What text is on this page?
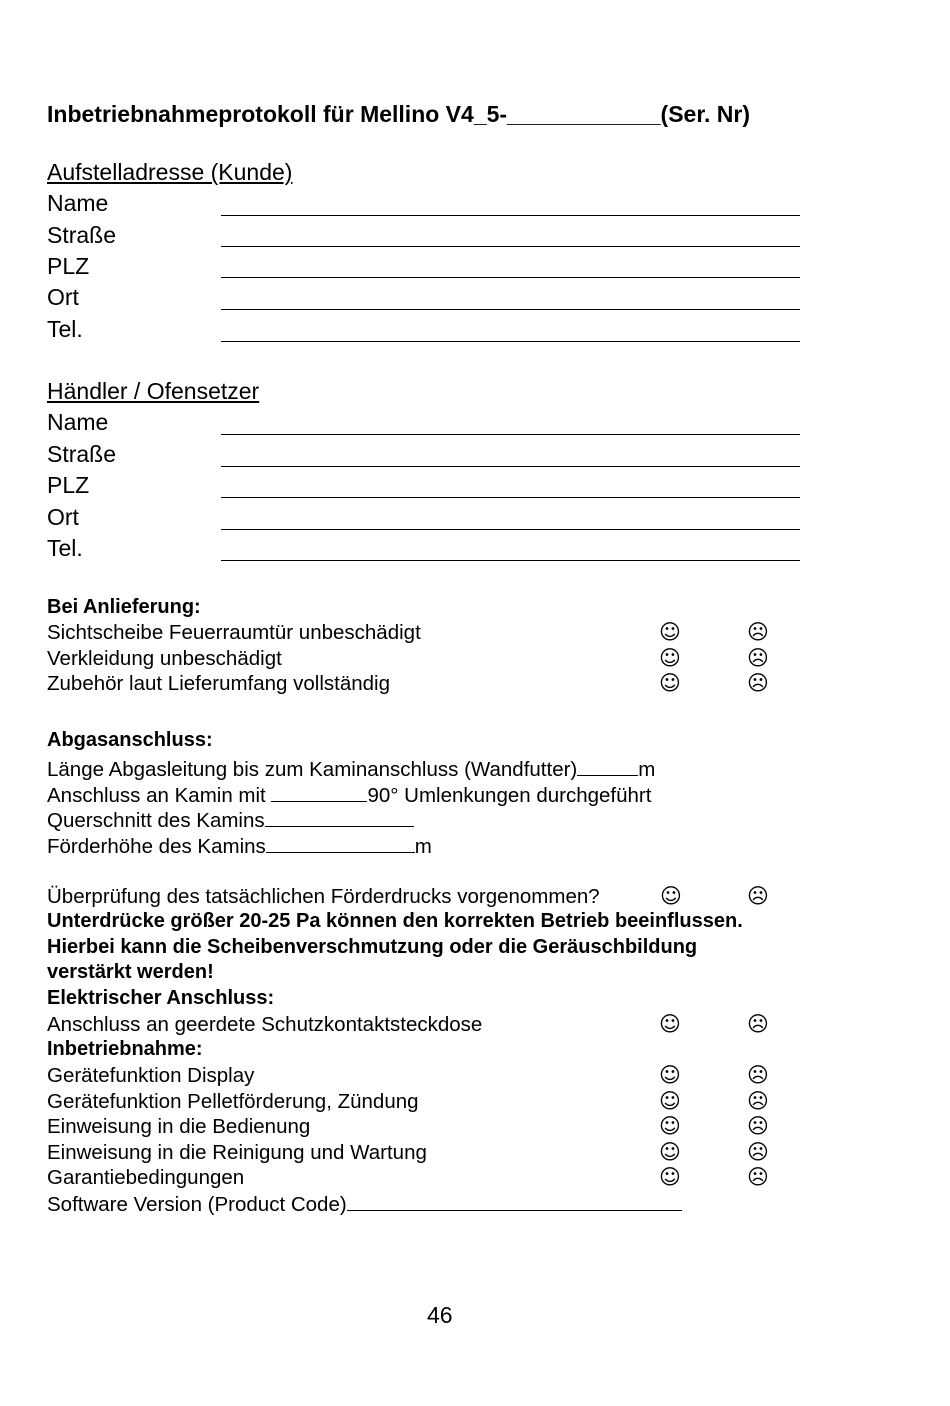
Inbetriebnahmeprotokoll für Mellino V4_5-____________(Ser. Nr)
Aufstelladresse (Kunde)
Name
Straße
PLZ
Ort
Tel.
Händler / Ofensetzer
Name
Straße
PLZ
Ort
Tel.
Bei Anlieferung:
Sichtscheibe Feuerraumtür unbeschädigt	☺	☹
Verkleidung unbeschädigt	☺	☹
Zubehör laut Lieferumfang vollständig	☺	☹
Abgasanschluss:
Länge Abgasleitung bis zum Kaminanschluss (Wandfutter)	m
Anschluss an Kamin mit	90° Umlenkungen durchgeführt
Querschnitt des Kamins
Förderhöhe des Kamins	m
Überprüfung des tatsächlichen Förderdrucks vorgenommen?	☺	☹
Unterdrücke größer 20-25 Pa können den korrekten Betrieb beeinflussen.
Hierbei kann die Scheibenverschmutzung oder die Geräuschbildung
verstärkt werden!
Elektrischer Anschluss:
Anschluss an geerdete Schutzkontaktsteckdose	☺	☹
Inbetriebnahme:
Gerätefunktion Display	☺	☹
Gerätefunktion Pelletförderung, Zündung	☺	☹
Einweisung in die Bedienung	☺	☹
Einweisung in die Reinigung und Wartung	☺	☹
Garantiebedingungen	☺	☹
Software Version (Product Code)
46
